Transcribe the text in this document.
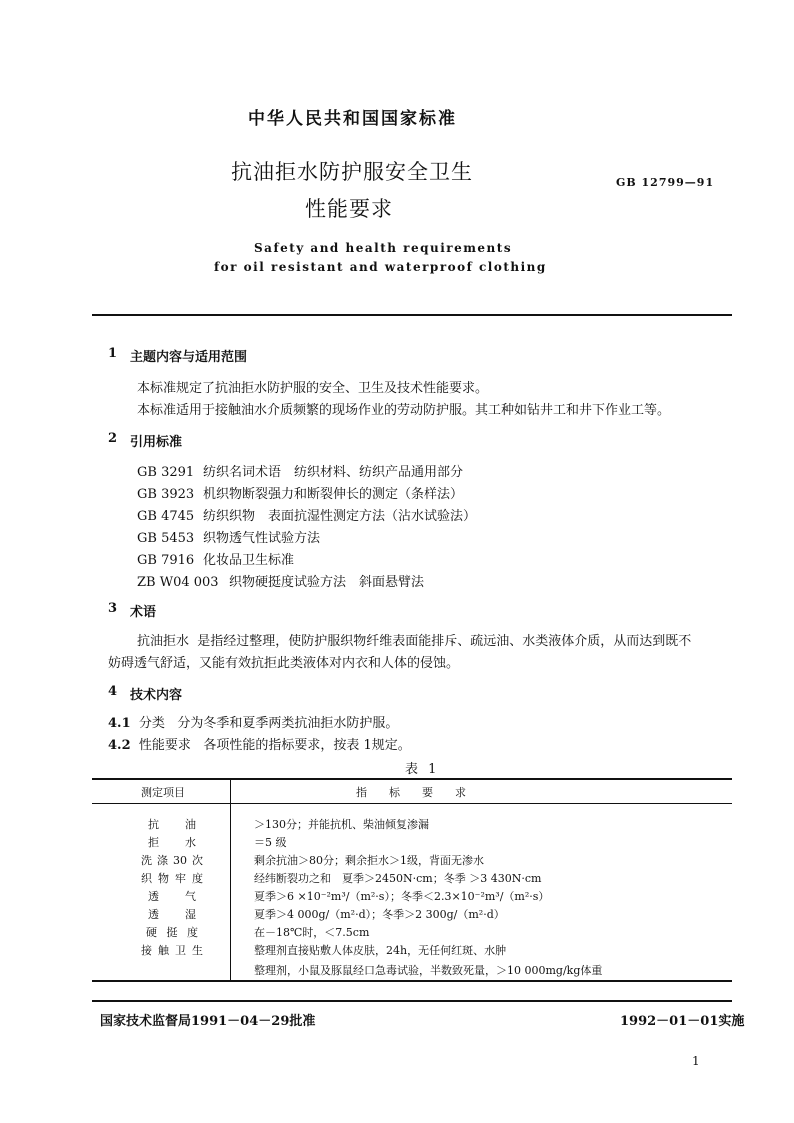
中华人民共和国国家标准
抗油拒水防护服安全卫生
性能要求
GB 12799—91
Safety and health requirements
for oil resistant and waterproof clothing
1 主题内容与适用范围
本标准规定了抗油拒水防护服的安全、卫生及技术性能要求。
本标准适用于接触油水介质频繁的现场作业的劳动防护服。其工种如钻井工和井下作业工等。
2 引用标准
GB 3291 纺织名词术语　纺织材料、纺织产品通用部分
GB 3923 机织物断裂强力和断裂伸长的测定（条样法）
GB 4745 纺织织物　表面抗湿性测定方法（沾水试验法）
GB 5453 织物透气性试验方法
GB 7916 化妆品卫生标准
ZB W04 003 织物硬挺度试验方法　斜面悬臂法
3 术语
抗油拒水 是指经过整理，使防护服织物纤维表面能排斥、疏远油、水类液体介质，从而达到既不
妨碍透气舒适，又能有效抗拒此类液体对内衣和人体的侵蚀。
4 技术内容
4.1 分类 分为冬季和夏季两类抗油拒水防护服。
4.2 性能要求 各项性能的指标要求，按表 1规定。
表 1
测定项目	指　　标　　要　　求
抗油	＞130分；并能抗机、柴油倾复渗漏
拒水	＝5 级
洗涤30次	剩余抗油＞80分；剩余拒水＞1级，背面无渗水
织物牢度	经纬断裂功之和　夏季＞2450N·cm；冬季 ＞3 430N·cm
透气	夏季＞6 ×10⁻²m³/（m²·s）；冬季＜2.3×10⁻²m³/（m²·s）
透湿	夏季＞4 000g/（m²·d）；冬季＞2 300g/（m²·d）
硬挺度	在－18℃时，＜7.5cm
接触卫生	整理剂直接贴敷人体皮肤，24h，无任何红斑、水肿
整理剂，小鼠及豚鼠经口急毒试验，半数致死量，＞10 000mg/kg体重
国家技术监督局1991－04－29批准	1992－01－01实施
1
